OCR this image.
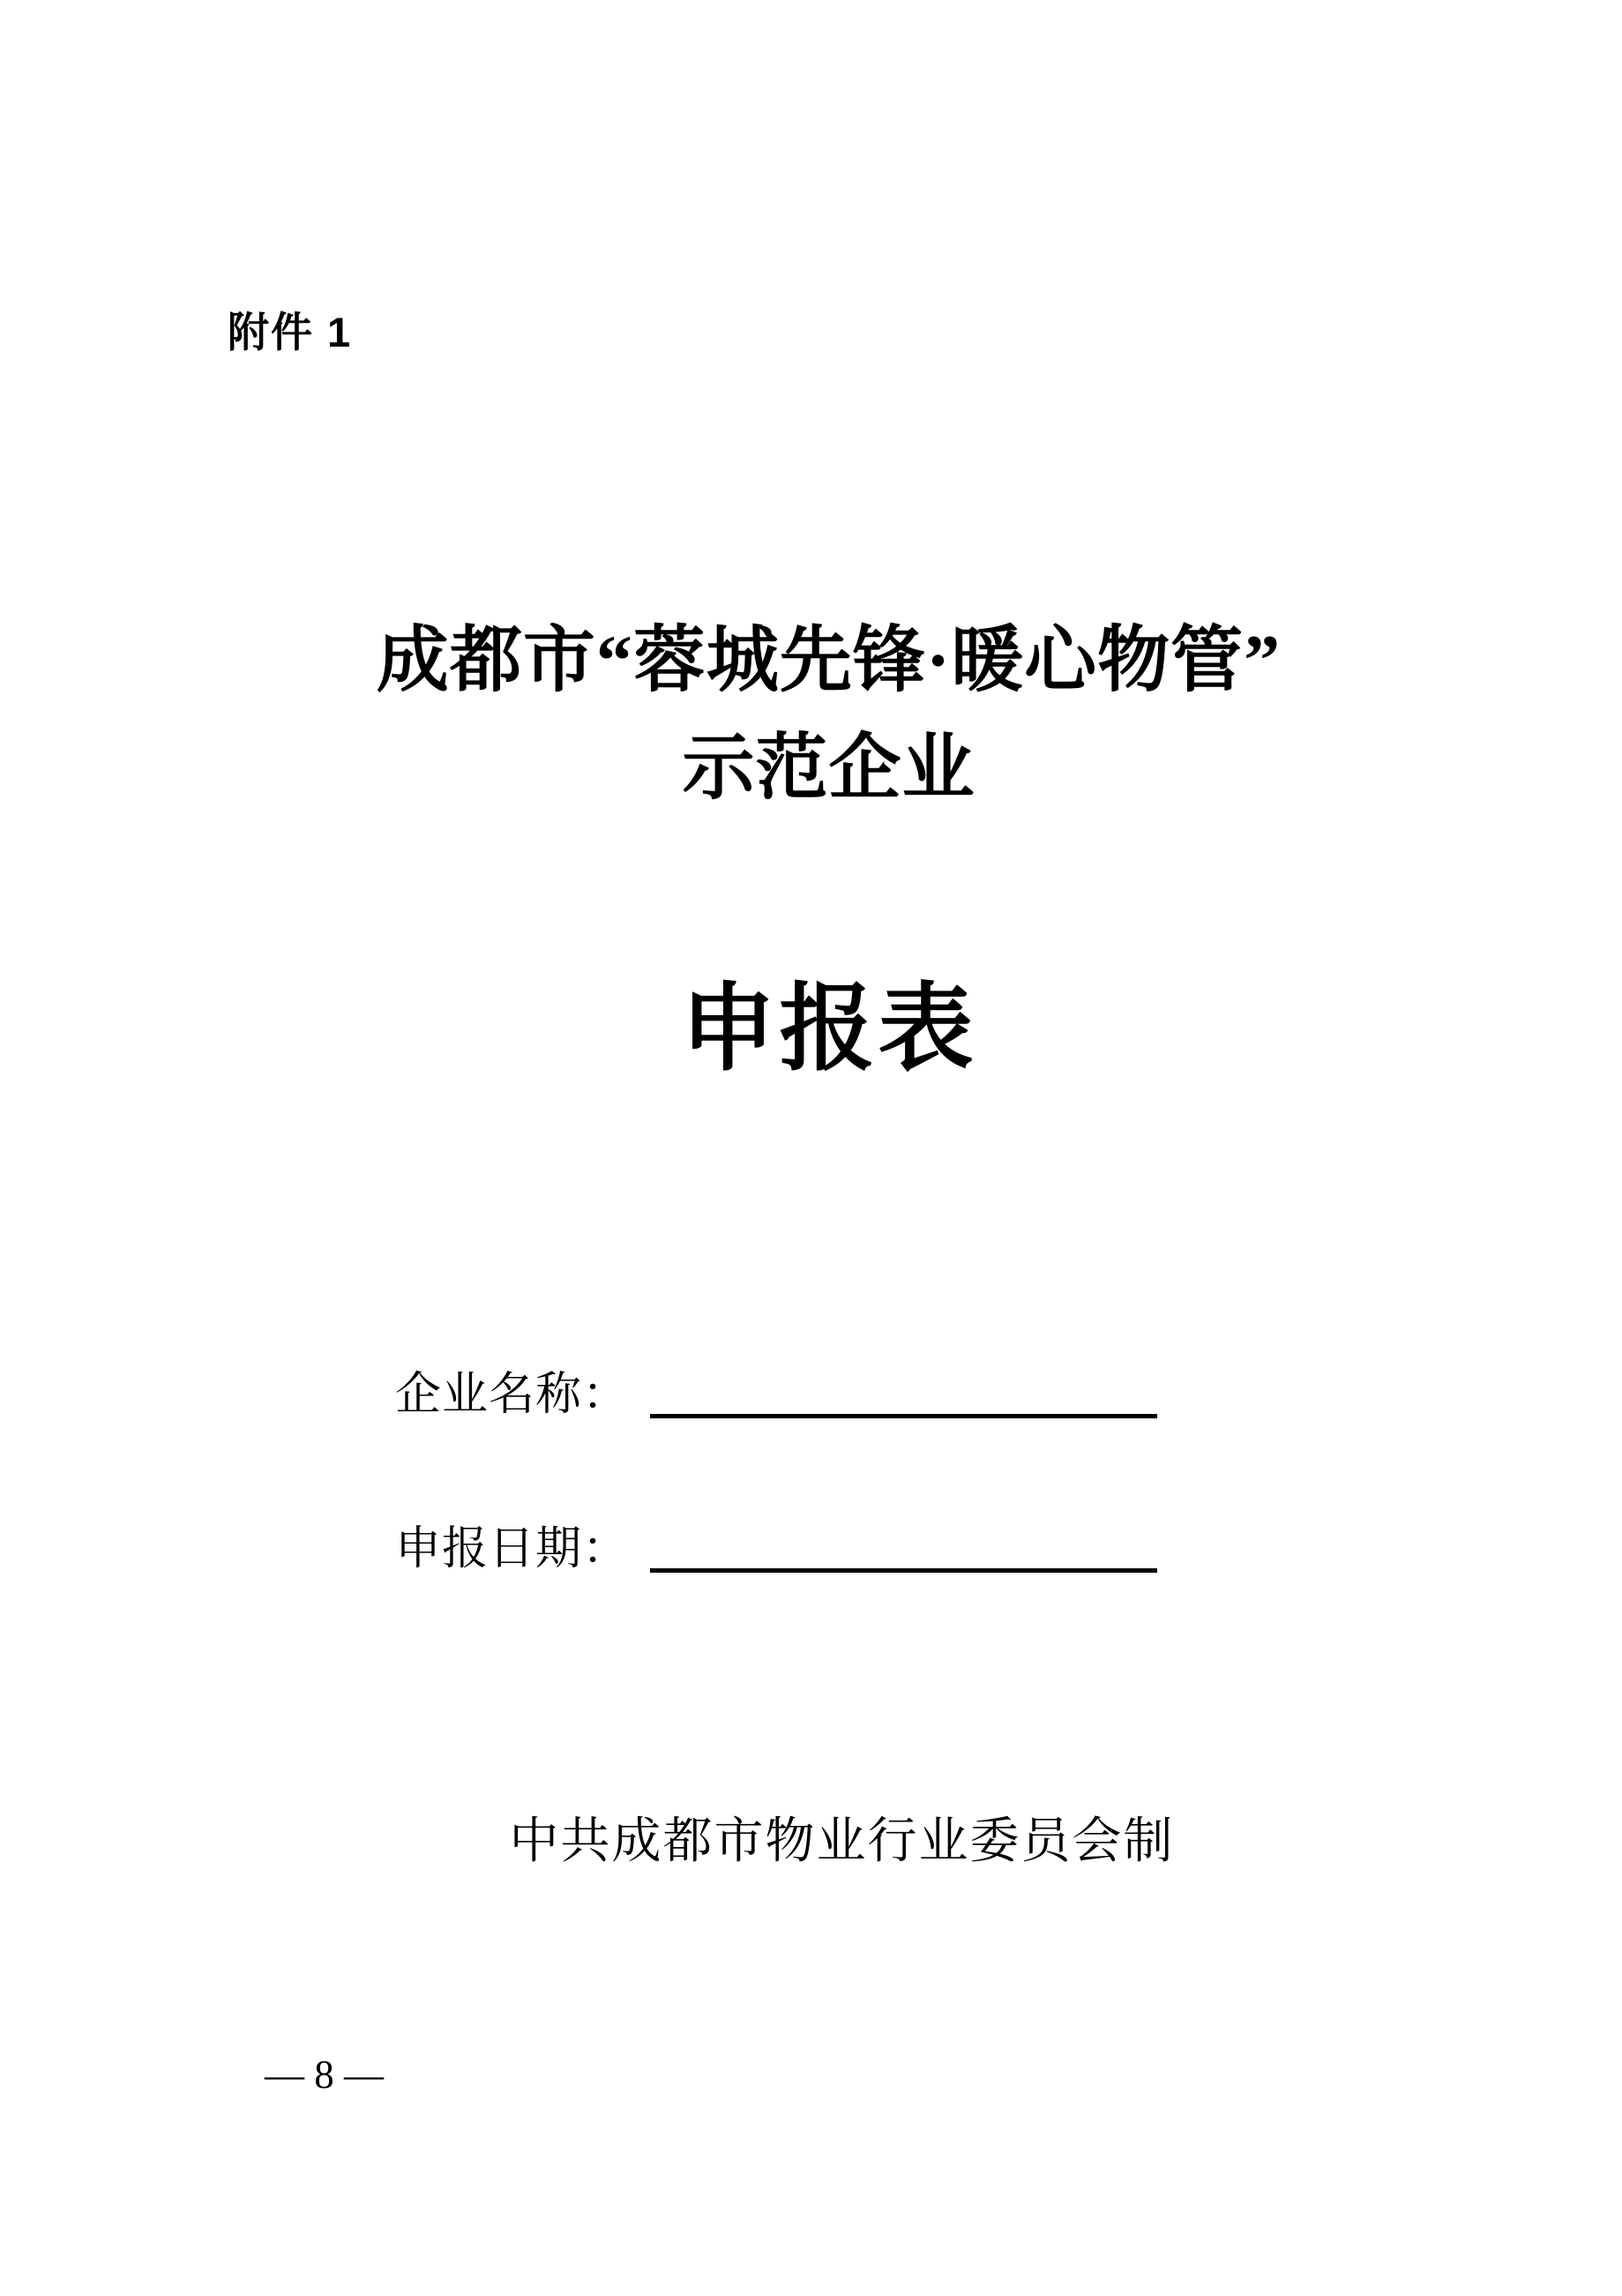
附件 1
成都市“蓉城先锋·暖心物管”
示范企业
申报表
企业名称：
申报日期：
中共成都市物业行业委员会制
— 8 —
